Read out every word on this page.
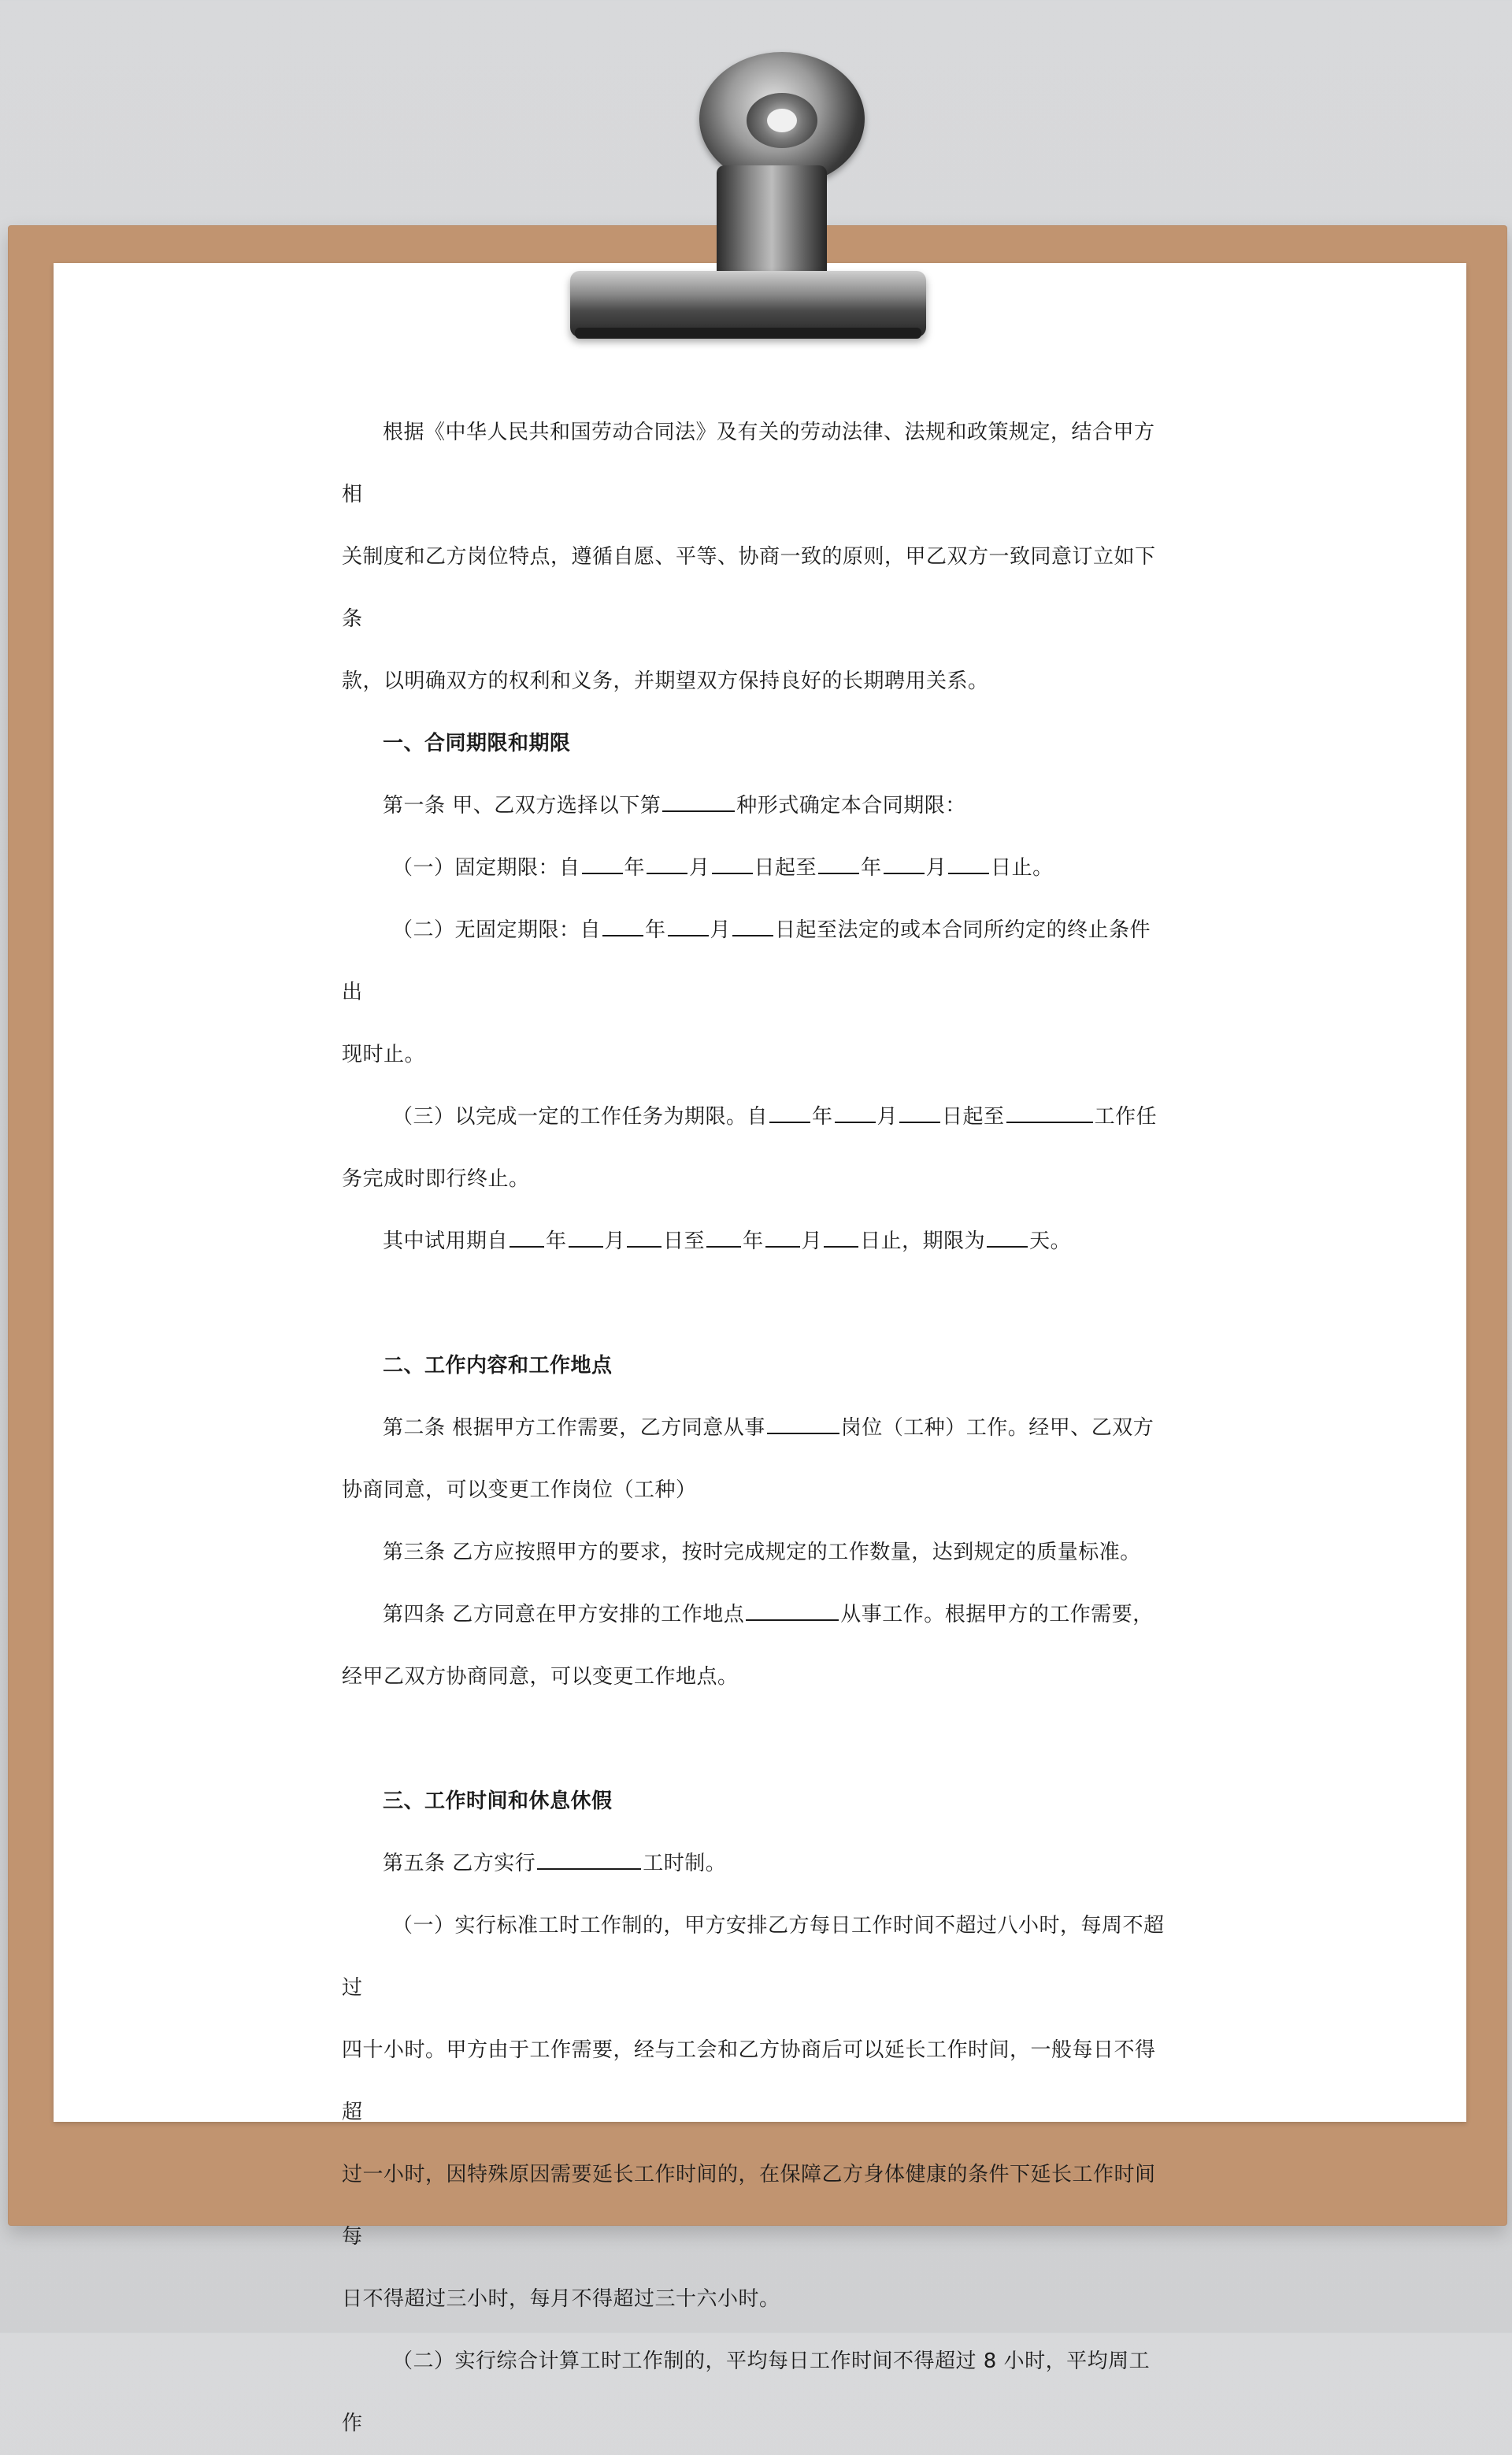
根据《中华人民共和国劳动合同法》及有关的劳动法律、法规和政策规定，结合甲方相

关制度和乙方岗位特点，遵循自愿、平等、协商一致的原则，甲乙双方一致同意订立如下条

款，以明确双方的权利和义务，并期望双方保持良好的长期聘用关系。

一、合同期限和期限

第一条 甲、乙双方选择以下第	种形式确定本合同期限：

（一）固定期限：自 年 月 日起至 年 月 日止。

（二）无固定期限：自 年 月 日起至法定的或本合同所约定的终止条件出

现时止。

（三）以完成一定的工作任务为期限。自 年 月 日起至	工作任

务完成时即行终止。

其中试用期自 年 月 日至 年 月 日止，期限为 天。

二、工作内容和工作地点

第二条 根据甲方工作需要，乙方同意从事	岗位（工种）工作。经甲、乙双方

协商同意，可以变更工作岗位（工种）

第三条 乙方应按照甲方的要求，按时完成规定的工作数量，达到规定的质量标准。

第四条 乙方同意在甲方安排的工作地点	从事工作。根据甲方的工作需要，

经甲乙双方协商同意，可以变更工作地点。

三、工作时间和休息休假

第五条 乙方实行	工时制。

（一）实行标准工时工作制的，甲方安排乙方每日工作时间不超过八小时，每周不超过

四十小时。甲方由于工作需要，经与工会和乙方协商后可以延长工作时间，一般每日不得超

过一小时，因特殊原因需要延长工作时间的，在保障乙方身体健康的条件下延长工作时间每

日不得超过三小时，每月不得超过三十六小时。

（二）实行综合计算工时工作制的，平均每日工作时间不得超过 8 小时，平均周工作
